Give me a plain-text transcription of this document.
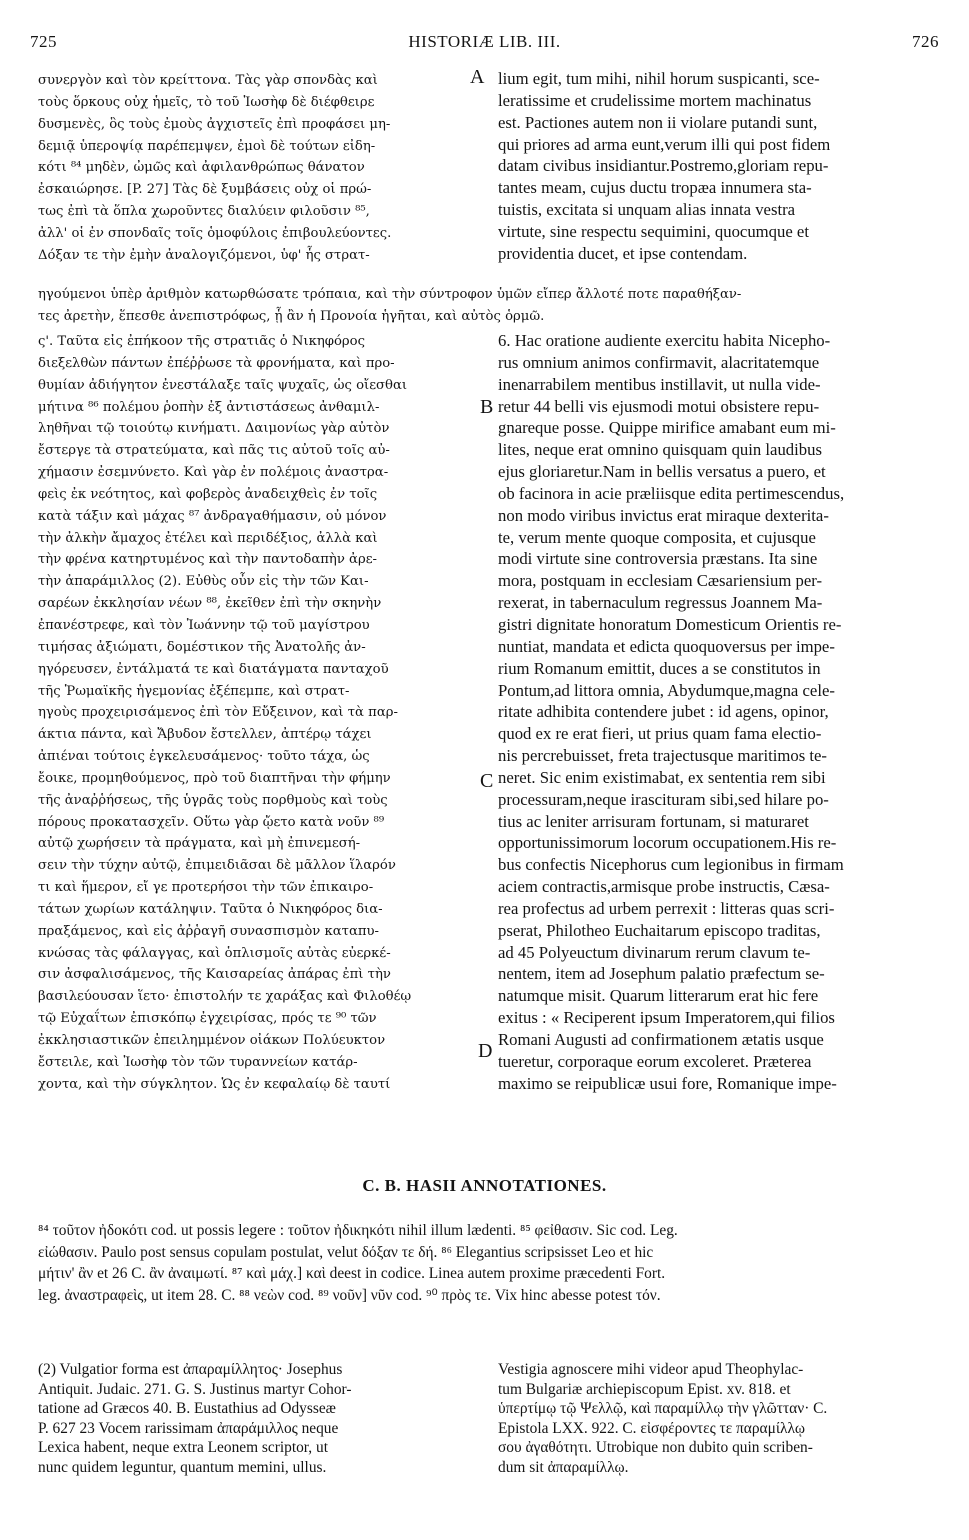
725	HISTORIÆ LIB. III.	726
συνεργὸν καὶ τὸν κρείττονα. Τὰς γὰρ σπονδὰς καὶ
τοὺς ὅρκους οὐχ ἡμεῖς, τὸ τοῦ Ἰωσὴφ δὲ διέφθειρε
δυσμενὲς, ὃς τοὺς ἐμοὺς ἀγχιστεῖς ἐπὶ προφάσει μη-
δεμιᾷ ὑπεροψίᾳ παρέπεμψεν, ἐμοὶ δὲ τούτων εἰδη-
κότι ⁸⁴ μηδὲν, ὠμῶς καὶ ἀφιλανθρώπως θάνατον
ἐσκαιώρησε. [P. 27] Τὰς δὲ ξυμβάσεις οὐχ οἱ πρώ-
τως ἐπὶ τὰ ὅπλα χωροῦντες διαλύειν φιλοῦσιν ⁸⁵,
ἀλλ' οἱ ἐν σπονδαῖς τοῖς ὁμοφύλοις ἐπιβουλεύοντες.
Δόξαν τε τὴν ἐμὴν ἀναλογιζόμενοι, ὑφ' ἧς στρατ-
lium egit, tum mihi, nihil horum suspicanti, sce-
leratissime et crudelissime mortem machinatus
est. Pactiones autem non ii violare putandi sunt,
qui priores ad arma eunt,verum illi qui post fidem
datam civibus insidiantur.Postremo,gloriam repu-
tantes meam, cujus ductu tropæa innumera sta-
tuistis, excitata si unquam alias innata vestra
virtute, sine respectu sequimini, quocumque et
providentia ducet, et ipse contendam.
ηγούμενοι ὑπὲρ ἀριθμὸν κατωρθώσατε τρόπαια, καὶ τὴν σύντροφον ὑμῶν εἴπερ ἄλλοτέ ποτε παραθήξαν-
τες ἀρετὴν, ἕπεσθε ἀνεπιστρόφως, ᾗ ἂν ἡ Προνοία ἡγῆται, καὶ αὐτὸς ὁρμῶ.
ς'. Ταῦτα εἰς ἐπήκοον τῆς στρατιᾶς ὁ Νικηφόρος
διεξελθὼν πάντων ἐπέῤῥωσε τὰ φρονήματα, καὶ προ-
θυμίαν ἀδιήγητον ἐνεστάλαξε ταῖς ψυχαῖς, ὡς οἴεσθαι
μήτινα ⁸⁶ πολέμου ῥοπὴν ἐξ ἀντιστάσεως ἀνθαμιλ-
ληθῆναι τῷ τοιούτῳ κινήματι. Δαιμονίως γὰρ αὐτὸν
ἔστεργε τὰ στρατεύματα, καὶ πᾶς τις αὐτοῦ τοῖς αὐ-
χήμασιν ἐσεμνύνετο. Καὶ γὰρ ἐν πολέμοις ἀναστρα-
φεὶς ἐκ νεότητος, καὶ φοβερὸς ἀναδειχθεὶς ἐν τοῖς
κατὰ τάξιν καὶ μάχας ⁸⁷ ἀνδραγαθήμασιν, οὐ μόνον
τὴν ἀλκὴν ἄμαχος ἐτέλει καὶ περιδέξιος, ἀλλὰ καὶ
τὴν φρένα κατηρτυμένος καὶ τὴν παντοδαπὴν ἀρε-
τὴν ἀπαράμιλλος (2). Εὐθὺς οὖν εἰς τὴν τῶν Και-
σαρέων ἐκκλησίαν νέων ⁸⁸, ἐκεῖθεν ἐπὶ τὴν σκηνὴν
ἐπανέστρεφε, καὶ τὸν Ἰωάννην τῷ τοῦ μαγίστρου
τιμήσας ἀξιώματι, δομέστικον τῆς Ἀνατολῆς ἀν-
ηγόρευσεν, ἐντάλματά τε καὶ διατάγματα πανταχοῦ
τῆς Ῥωμαϊκῆς ἡγεμονίας ἐξέπεμπε, καὶ στρατ-
ηγοὺς προχειρισάμενος ἐπὶ τὸν Εὔξεινον, καὶ τὰ παρ-
άκτια πάντα, καὶ Ἄβυδον ἔστελλεν, ἀπτέρῳ τάχει
ἀπιέναι τούτοις ἐγκελευσάμενος· τοῦτο τάχα, ὡς
ἔοικε, προμηθούμενος, πρὸ τοῦ διαπτῆναι τὴν φήμην
τῆς ἀναῤῥήσεως, τῆς ὑγρᾶς τοὺς πορθμοὺς καὶ τοὺς
πόρους προκατασχεῖν. Οὕτω γὰρ ᾤετο κατὰ νοῦν ⁸⁹
αὐτῷ χωρήσειν τὰ πράγματα, καὶ μὴ ἐπινεμεσή-
σειν τὴν τύχην αὐτῷ, ἐπιμειδιᾶσαι δὲ μᾶλλον ἵλαρόν
τι καὶ ἥμερον, εἴ γε προτερήσοι τὴν τῶν ἐπικαιρο-
τάτων χωρίων κατάληψιν. Ταῦτα ὁ Νικηφόρος δια-
πραξάμενος, καὶ εἰς ἀῤῥαγῆ συνασπισμὸν καταπυ-
κνώσας τὰς φάλαγγας, καὶ ὁπλισμοῖς αὐτὰς εὐερκέ-
σιν ἀσφαλισάμενος, τῆς Καισαρείας ἀπάρας ἐπὶ τὴν
βασιλεύουσαν ἵετο· ἐπιστολήν τε χαράξας καὶ Φιλοθέῳ
τῷ Εὐχαΐτων ἐπισκόπῳ ἐγχειρίσας, πρός τε ⁹⁰ τῶν
ἐκκλησιαστικῶν ἐπειλημμένον οἰάκων Πολύευκτον
ἔστειλε, καὶ Ἰωσὴφ τὸν τῶν τυραννείων κατάρ-
χοντα, καὶ τὴν σύγκλητον. Ὡς ἐν κεφαλαίῳ δὲ ταυτί
6. Hac oratione audiente exercitu habita Nicepho-
rus omnium animos confirmavit, alacritatemque
inenarrabilem mentibus instillavit, ut nulla vide-
retur 44 belli vis ejusmodi motui obsistere repu-
gnareque posse. Quippe mirifice amabant eum mi-
lites, neque erat omnino quisquam quin laudibus
ejus gloriaretur.Nam in bellis versatus a puero, et
ob facinora in acie præliisque edita pertimescendus,
non modo viribus invictus erat miraque dexterita-
te, verum mente quoque composita, et cujusque
modi virtute sine controversia præstans. Ita sine
mora, postquam in ecclesiam Cæsariensium per-
rexerat, in tabernaculum regressus Joannem Ma-
gistri dignitate honoratum Domesticum Orientis re-
nuntiat, mandata et edicta quoquoversus per impe-
rium Romanum emittit, duces a se constitutos in
Pontum,ad littora omnia, Abydumque,magna cele-
ritate adhibita contendere jubet : id agens, opinor,
quod ex re erat fieri, ut prius quam fama electio-
nis percrebuisset, freta trajectusque maritimos te-
neret. Sic enim existimabat, ex sententia rem sibi
processuram,neque irascituram sibi,sed hilare po-
tius ac leniter arrisuram fortunam, si maturaret
opportunissimorum locorum occupationem.His re-
bus confectis Nicephorus cum legionibus in firmam
aciem contractis,armisque probe instructis, Cæsa-
rea profectus ad urbem perrexit : litteras quas scri-
pserat, Philotheo Euchaitarum episcopo traditas,
ad 45 Polyeuctum divinarum rerum clavum te-
nentem, item ad Josephum palatio præfectum se-
natumque misit. Quarum litterarum erat hic fere
exitus : « Reciperent ipsum Imperatorem,qui filios
Romani Augusti ad confirmationem ætatis usque
tueretur, corporaque eorum excoleret. Præterea
maximo se reipublicæ usui fore, Romanique impe-
A
B
C
D
C. B. HASII ANNOTATIONES.
⁸⁴ τοῦτον ἠδοκότι cod. ut possis legere : τοῦτον ἠδικηκότι nihil illum lædenti. ⁸⁵ φεἰθασιν. Sic cod. Leg.
εἰώθασιν. Paulo post sensus copulam postulat, velut δόξαν τε δή. ⁸⁶ Elegantius scripsisset Leo et hic
μήτιν' ἂν et 26 C. ἂν ἀναιμωτί. ⁸⁷ καὶ μάχ.] καὶ deest in codice. Linea autem proxime præcedenti Fort.
leg. ἀναστραφεὶς, ut item 28. C. ⁸⁸ νεὼν cod. ⁸⁹ νοῦν] νῦν cod. ⁹⁰ πρὸς τε. Vix hinc abesse potest τόν.
(2) Vulgatior forma est ἀπαραμίλλητος· Josephus
Antiquit. Judaic. 271. G. S. Justinus martyr Cohor-
tatione ad Græcos 40. B. Eustathius ad Odysseæ
P. 627 23 Vocem rarissimam ἀπαράμιλλος neque
Lexica habent, neque extra Leonem scriptor, ut
nunc quidem leguntur, quantum memini, ullus.
Vestigia agnoscere mihi videor apud Theophylac-
tum Bulgariæ archiepiscopum Epist. xv. 818. et
ὑπερτίμῳ τῷ Ψελλῷ, καὶ παραμίλλῳ τὴν γλῶτταν· C.
Epistola LXX. 922. C. εἰσφέροντες τε παραμίλλῳ
σου ἀγαθότητι. Utrobique non dubito quin scriben-
dum sit ἀπαραμίλλῳ.
